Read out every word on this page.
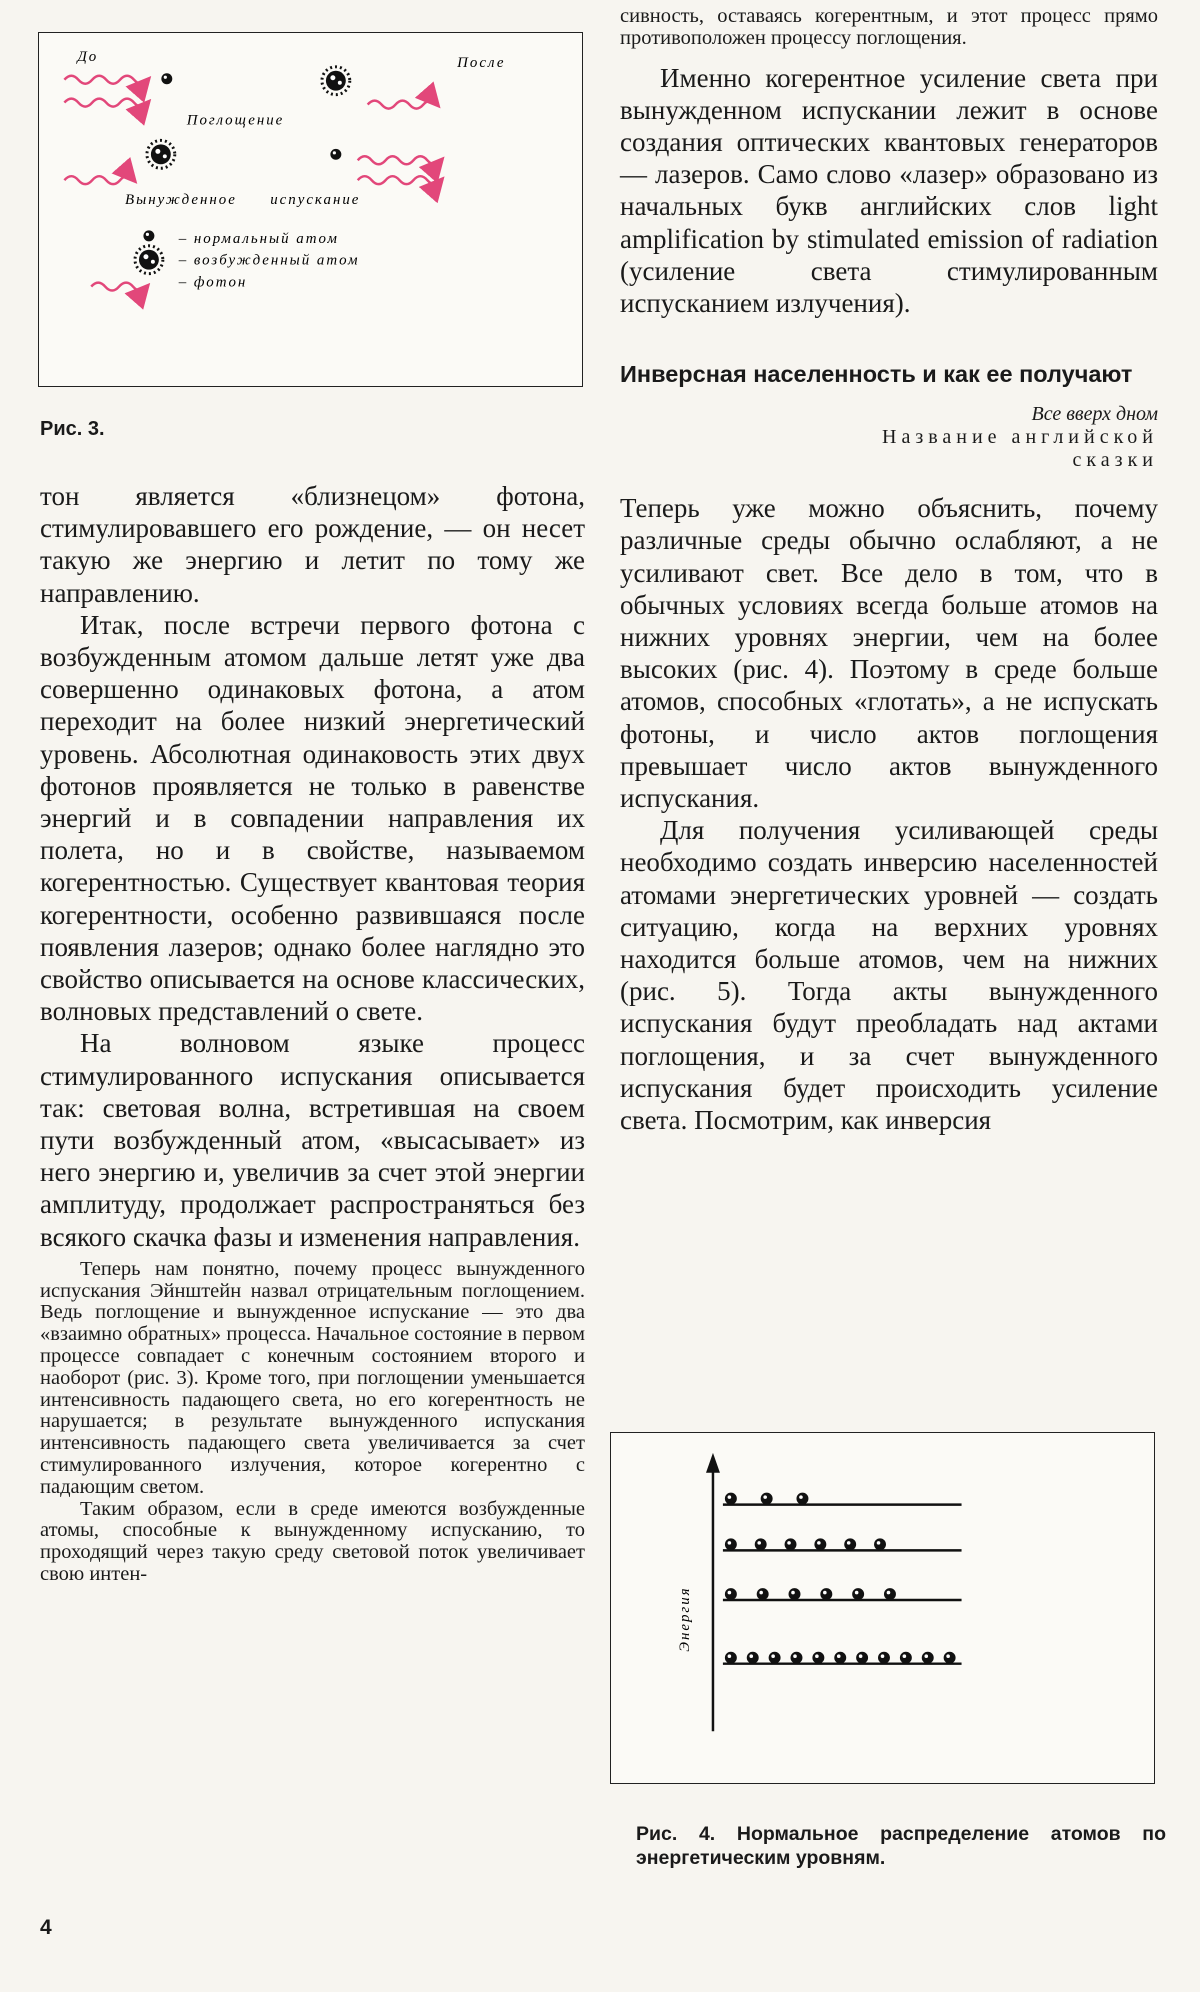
До	После
Поглощение
Вынужденное испускание
– нормальный атом
– возбужденный атом
– фотон
Рис. 3.

тон является «близнецом» фотона, стимулировавшего его рождение, — он несет такую же энергию и летит по тому же направлению.

Итак, после встречи первого фотона с возбужденным атомом дальше летят уже два совершенно одинаковых фотона, а атом переходит на более низкий энергетический уровень. Абсолютная одинаковость этих двух фотонов проявляется не только в равенстве энергий и в совпадении направления их полета, но и в свойстве, называемом когерентностью. Существует квантовая теория когерентности, особенно развившаяся после появления лазеров; однако более наглядно это свойство описывается на основе классических, волновых представлений о свете.

На волновом языке процесс стимулированного испускания описывается так: световая волна, встретившая на своем пути возбужденный атом, «высасывает» из него энергию и, увеличив за счет этой энергии амплитуду, продолжает распространяться без всякого скачка фазы и изменения направления.

Теперь нам понятно, почему процесс вынужденного испускания Эйнштейн назвал отрицательным поглощением. Ведь поглощение и вынужденное испускание — это два «взаимно обратных» процесса. Начальное состояние в первом процессе совпадает с конечным состоянием второго и наоборот (рис. 3). Кроме того, при поглощении уменьшается интенсивность падающего света, но его когерентность не нарушается; в результате вынужденного испускания интенсивность падающего света увеличивается за счет стимулированного излучения, которое когерентно с падающим светом.

Таким образом, если в среде имеются возбужденные атомы, способные к вынужденному испусканию, то проходящий через такую среду световой поток увеличивает свою интен-

сивность, оставаясь когерентным, и этот процесс прямо противоположен процессу поглощения.

Именно когерентное усиление света при вынужденном испускании лежит в основе создания оптических квантовых генераторов — лазеров. Само слово «лазер» образовано из начальных букв английских слов light amplification by stimulated emission of radiation (усиление света стимулированным испусканием излучения).

Инверсная населенность и как ее получают
Все вверх дном
Название английской
сказки

Теперь уже можно объяснить, почему различные среды обычно ослабляют, а не усиливают свет. Все дело в том, что в обычных условиях всегда больше атомов на нижних уровнях энергии, чем на более высоких (рис. 4). Поэтому в среде больше атомов, способных «глотать», а не испускать фотоны, и число актов поглощения превышает число актов вынужденного испускания.

Для получения усиливающей среды необходимо создать инверсию населенностей атомами энергетических уровней — создать ситуацию, когда на верхних уровнях находится больше атомов, чем на нижних (рис. 5). Тогда акты вынужденного испускания будут преобладать над актами поглощения, и за счет вынужденного испускания будет происходить усиление света. Посмотрим, как инверсия

Энергия
Рис. 4. Нормальное распределение атомов по энергетическим уровням.
4
